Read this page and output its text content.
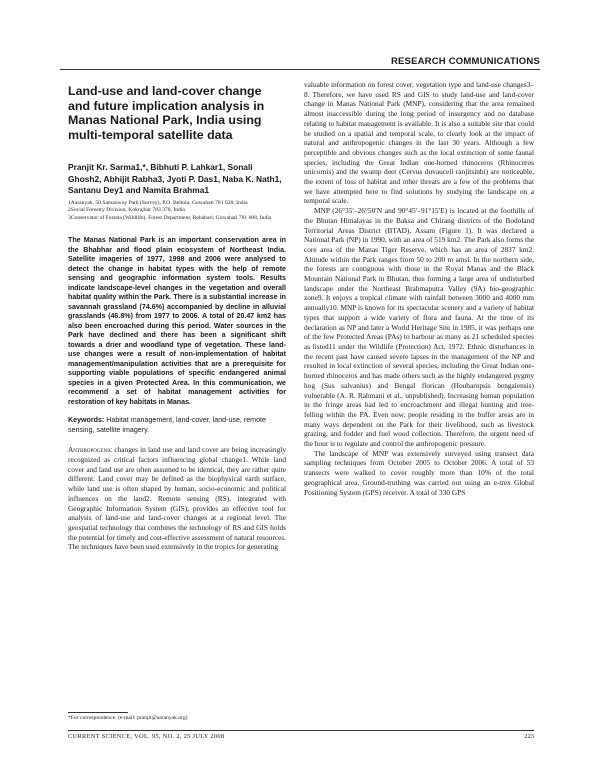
RESEARCH COMMUNICATIONS
Land-use and land-cover change and future implication analysis in Manas National Park, India using multi-temporal satellite data
Pranjit Kr. Sarma1,*, Bibhuti P. Lahkar1, Sonali Ghosh2, Abhijit Rabha3, Jyoti P. Das1, Naba K. Nath1, Santanu Dey1 and Namita Brahma1
1Aaranyak, 50 Samanwoy Path (Survey), P.O. Beltola, Guwahati 781 028, India
2Social Forestry Division, Kokrajhar 783 370, India
3Conservator of Forests (Wildlife), Forest Department, Rehabari, Guwahati 781 008, India

The Manas National Park is an important conservation area in the Bhabhar and flood plain ecosystem of Northeast India. Satellite imageries of 1977, 1998 and 2006 were analysed to detect the change in habitat types with the help of remote sensing and geographic information system tools. Results indicate landscape-level changes in the vegetation and overall habitat quality within the Park. There is a substantial increase in savannah grassland (74.6%) accompanied by decline in alluvial grasslands (46.8%) from 1977 to 2006. A total of 20.47 km2 has also been encroached during this period. Water sources in the Park have declined and there has been a significant shift towards a drier and woodland type of vegetation. These land-use changes were a result of non-implementation of habitat management/manipulation activities that are a prerequisite for supporting viable populations of specific endangered animal species in a given Protected Area. In this communication, we recommend a set of habitat management activities for restoration of key habitats in Manas.

Keywords: Habitat management, land-cover, land-use, remote sensing, satellite imagery.

Anthropogenic changes in land use and land cover are being increasingly recognized as critical factors influencing global change1. While land cover and land use are often assumed to be identical, they are rather quite different. Land cover may be defined as the biophysical earth surface, while land use is often shaped by human, socio-economic and political influences on the land2. Remote sensing (RS), integrated with Geographic Information System (GIS), provides an effective tool for analysis of land-use and land-cover changes at a regional level. The geospatial technology that combines the technology of RS and GIS holds the potential for timely and cost-effective assessment of natural resources. The techniques have been used extensively in the tropics for generating

valuable information on forest cover, vegetation type and land-use changes3–8. Therefore, we have used RS and GIS to study land-use and land-cover change in Manas National Park (MNP), considering that the area remained almost inaccessible during the long period of insurgency and no database relating to habitat management is available. It is also a suitable site that could be studied on a spatial and temporal scale, to clearly look at the impact of natural and anthropogenic changes in the last 30 years. Although a few perceptible and obvious changes such as the local extinction of some faunal species, including the Great Indian one-horned rhinoceros (Rhinoceros unicornis) and the swamp deer (Cervus duvauceli ranjitsinhi) are noticeable, the extent of loss of habitat and other threats are a few of the problems that we have attempted here to find solutions by studying the landscape on a temporal scale.

MNP (26°35′–26°50′N and 90°45′–91°15′E) is located at the foothills of the Bhutan Himalayas in the Baksa and Chirang districts of the Bodoland Territorial Areas District (BTAD), Assam (Figure 1). It was declared a National Park (NP) in 1990, with an area of 519 km2. The Park also forms the core area of the Manas Tiger Reserve, which has an area of 2837 km2. Altitude within the Park ranges from 50 to 200 m amsl. In the northern side, the forests are contiguous with those in the Royal Manas and the Black Mountain National Park in Bhutan, thus forming a large area of undisturbed landscape under the Northeast Brahmaputra Valley (9A) bio-geographic zone9. It enjoys a tropical climate with rainfall between 3000 and 4000 mm annually10. MNP is known for its spectacular scenery and a variety of habitat types that support a wide variety of flora and fauna. At the time of its declaration as NP and later a World Heritage Site in 1985, it was perhaps one of the few Protected Areas (PAs) to harbour as many as 21 scheduled species as listed11 under the Wildlife (Protection) Act, 1972. Ethnic disturbances in the recent past have caused severe lapses in the management of the NP and resulted in local extinction of several species, including the Great Indian one-horned rhinoceros and has made others such as the highly endangered pygmy hog (Sus salvanius) and Bengal florican (Houbaropsis bengalensis) vulnerable (A. R. Rahmani et al., unpublished). Increasing human population in the fringe areas had led to encroachment and illegal hunting and tree-felling within the PA. Even now, people residing in the buffer areas are in many ways dependent on the Park for their livelihood, such as livestock grazing, and fodder and fuel wood collection. Therefore, the urgent need of the hour is to regulate and control the anthropogenic pressure.

The landscape of MNP was extensively surveyed using transect data sampling techniques from October 2005 to October 2006. A total of 53 transects were walked to cover roughly more than 10% of the total geographical area. Ground-truthing was carried out using an e-trex Global Positioning System (GPS) receiver. A total of 330 GPS

*For correspondence. (e-mail: pranjit@aaranyak.org)
CURRENT SCIENCE, VOL. 95, NO. 2, 25 JULY 2008	223
